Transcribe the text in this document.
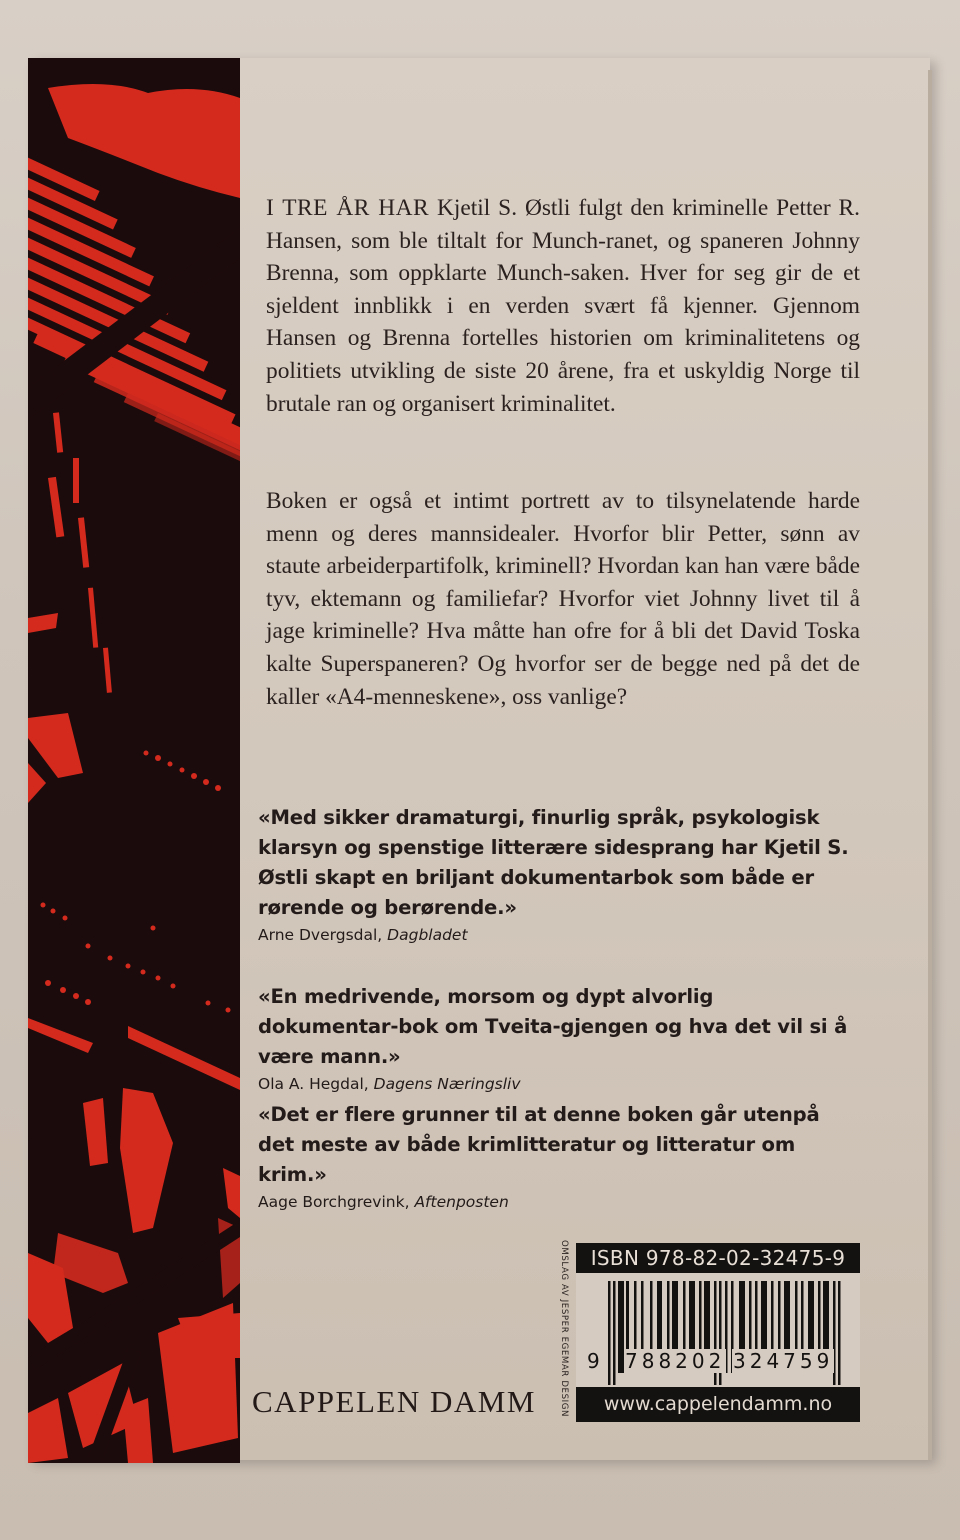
I TRE ÅR HAR Kjetil S. Østli fulgt den kriminelle Petter R. Hansen, som ble tiltalt for Munch-ranet, og spaneren Johnny Brenna, som oppklarte Munch-saken. Hver for seg gir de et sjeldent innblikk i en verden svært få kjenner. Gjennom Hansen og Brenna fortelles historien om kriminalitetens og politiets utvikling de siste 20 årene, fra et uskyldig Norge til brutale ran og organisert kriminalitet.
Boken er også et intimt portrett av to tilsynelatende harde menn og deres mannsidealer. Hvorfor blir Petter, sønn av staute arbeiderpartifolk, kriminell? Hvordan kan han være både tyv, ektemann og familiefar? Hvorfor viet Johnny livet til å jage kriminelle? Hva måtte han ofre for å bli det David Toska kalte Superspaneren? Og hvorfor ser de begge ned på det de kaller «A4-menneskene», oss vanlige?
«Med sikker dramaturgi, finurlig språk, psykologisk klarsyn og spenstige litterære sidesprang har Kjetil S. Østli skapt en briljant dokumentarbok som både er rørende og berørende.»
Arne Dvergsdal, Dagbladet
«En medrivende, morsom og dypt alvorlig dokumentar-bok om Tveita-gjengen og hva det vil si å være mann.»
Ola A. Hegdal, Dagens Næringsliv
«Det er flere grunner til at denne boken går utenpå det meste av både krimlitteratur og litteratur om krim.»
Aage Borchgrevink, Aftenposten
CAPPELEN DAMM	OMSLAG AV JESPER EGEMAR DESIGN	ISBN 978-82-02-32475-9
9 788202 324759
www.cappelendamm.no
